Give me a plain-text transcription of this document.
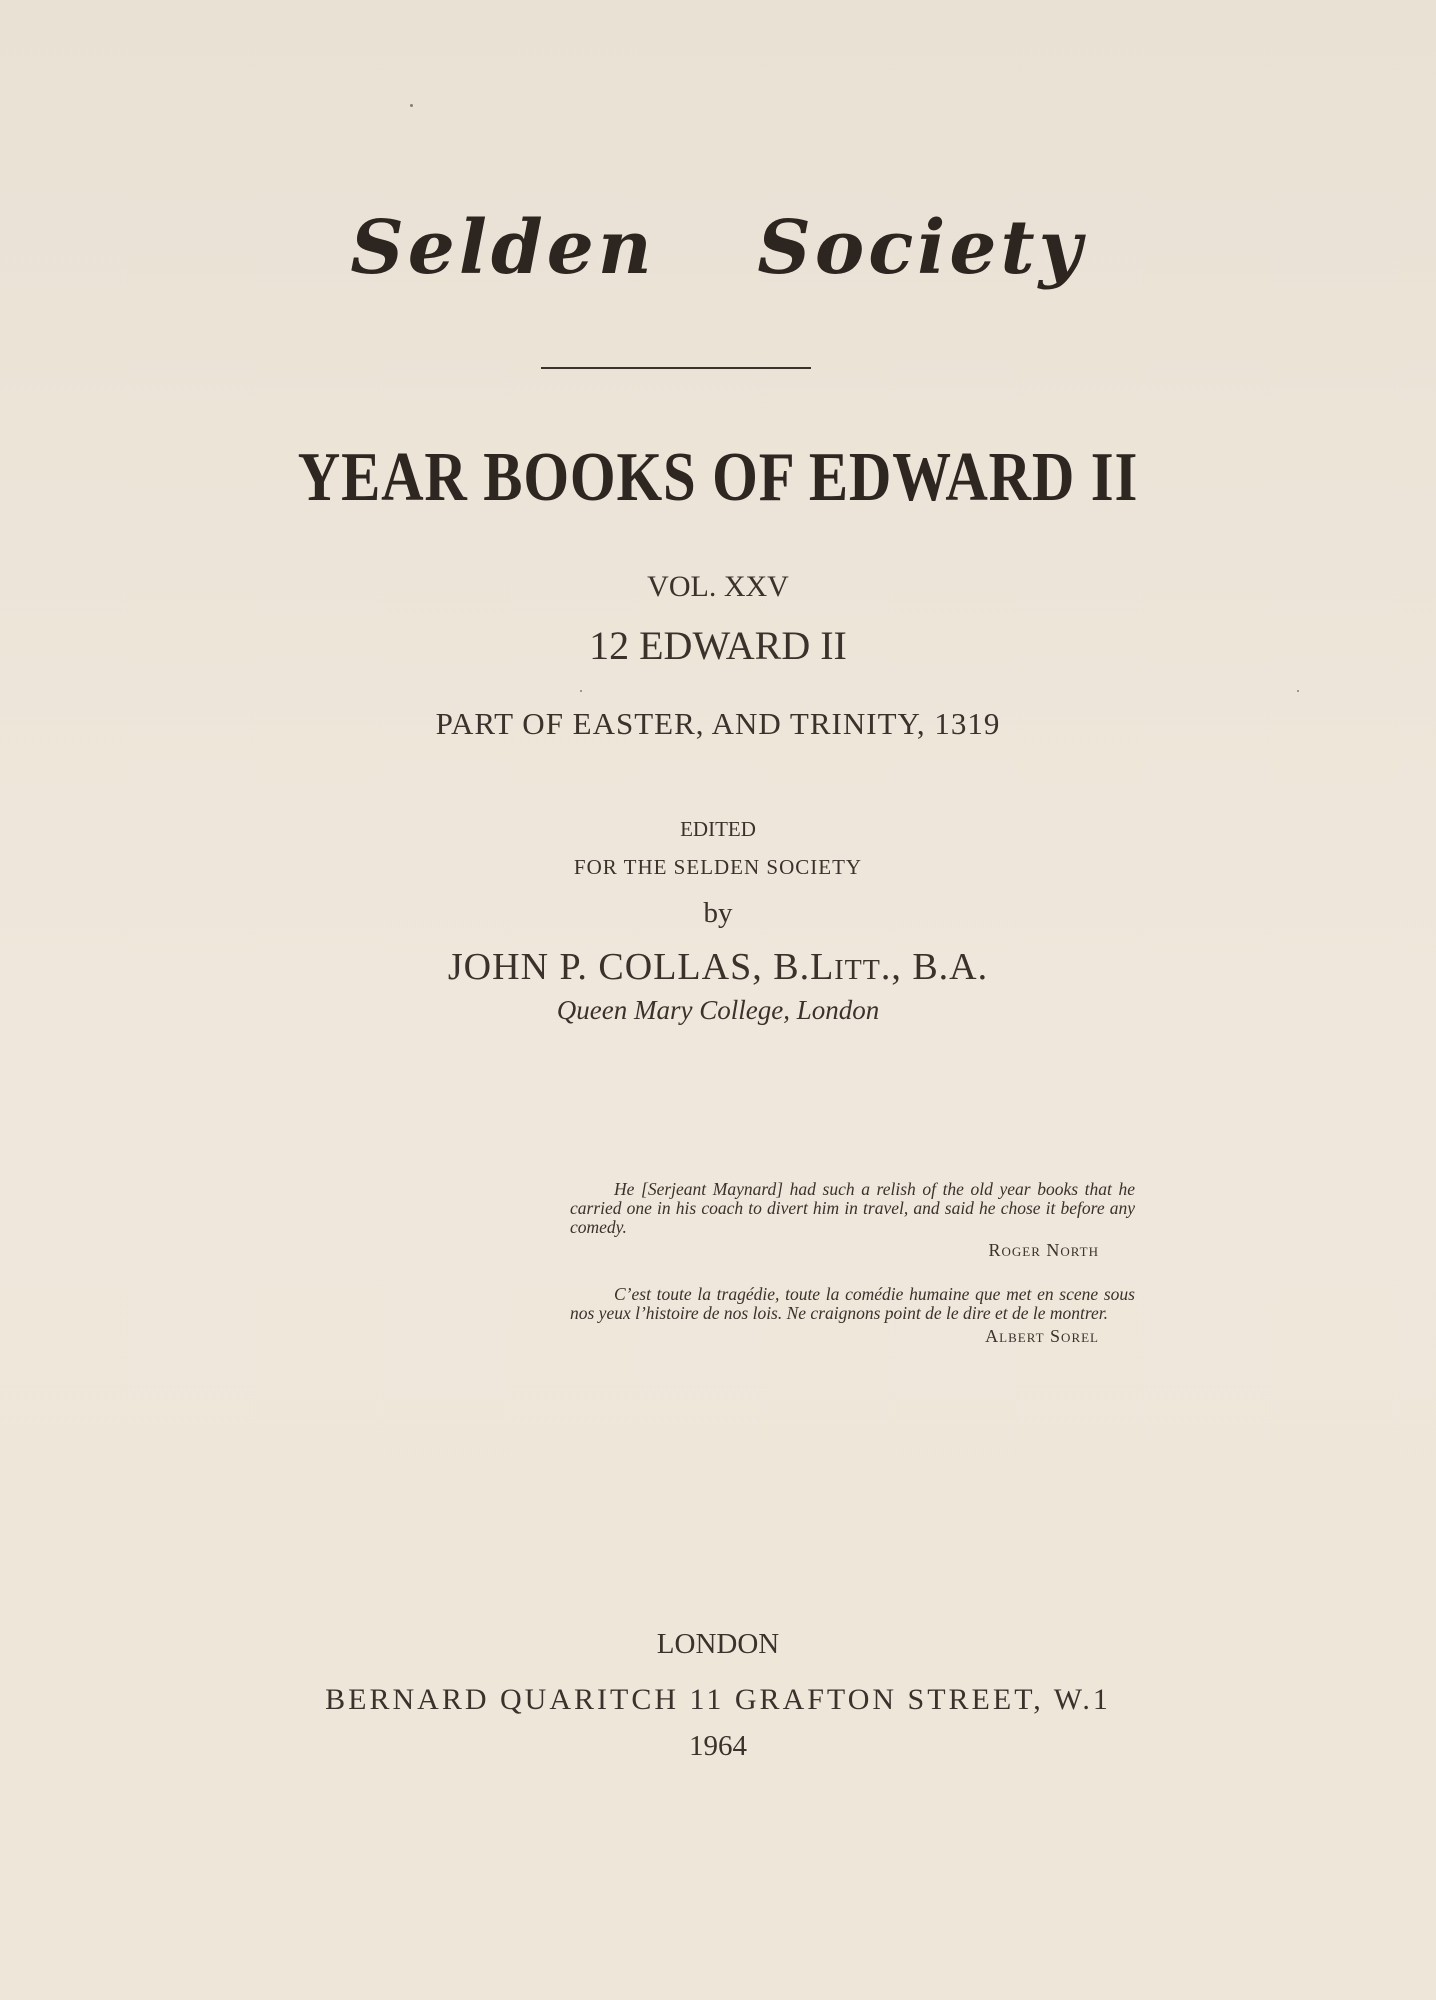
Selden Society
YEAR BOOKS OF EDWARD II
VOL. XXV
12 EDWARD II
PART OF EASTER, AND TRINITY, 1319
EDITED
FOR THE SELDEN SOCIETY
by
JOHN P. COLLAS, B.LITT., B.A.
Queen Mary College, London

He [Serjeant Maynard] had such a relish of the old year books that he carried one in his coach to divert him in travel, and said he chose it before any comedy.

Roger North

C’est toute la tragédie, toute la comédie humaine que met en scene sous nos yeux l’histoire de nos lois. Ne craignons point de le dire et de le montrer.

Albert Sorel
LONDON
BERNARD QUARITCH 11 GRAFTON STREET, W.1
1964
